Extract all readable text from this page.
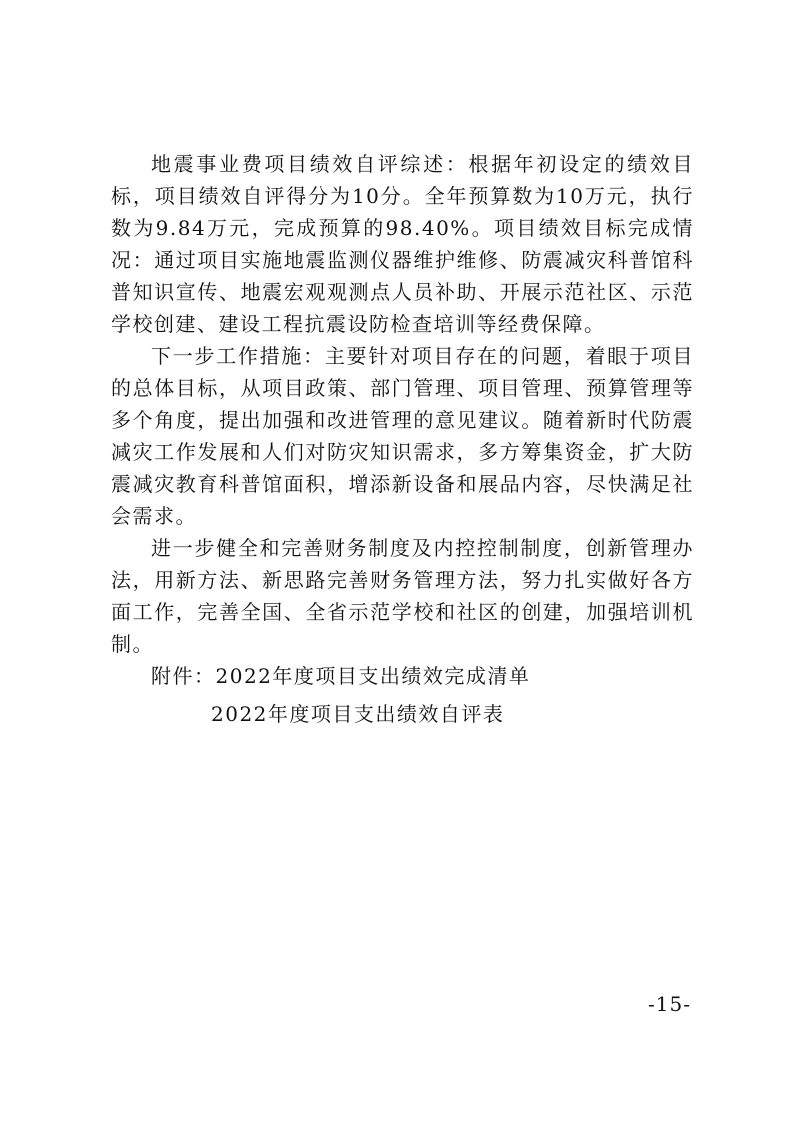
地震事业费项目绩效自评综述：根据年初设定的绩效目标，项目绩效自评得分为10分。全年预算数为10万元，执行数为9.84万元，完成预算的98.40%。项目绩效目标完成情况：通过项目实施地震监测仪器维护维修、防震减灾科普馆科普知识宣传、地震宏观观测点人员补助、开展示范社区、示范学校创建、建设工程抗震设防检查培训等经费保障。

下一步工作措施：主要针对项目存在的问题，着眼于项目的总体目标，从项目政策、部门管理、项目管理、预算管理等多个角度，提出加强和改进管理的意见建议。随着新时代防震减灾工作发展和人们对防灾知识需求，多方筹集资金，扩大防震减灾教育科普馆面积，增添新设备和展品内容，尽快满足社会需求。

进一步健全和完善财务制度及内控控制制度，创新管理办法，用新方法、新思路完善财务管理方法，努力扎实做好各方面工作，完善全国、全省示范学校和社区的创建，加强培训机制。

附件：2022年度项目支出绩效完成清单

2022年度项目支出绩效自评表

-15-
